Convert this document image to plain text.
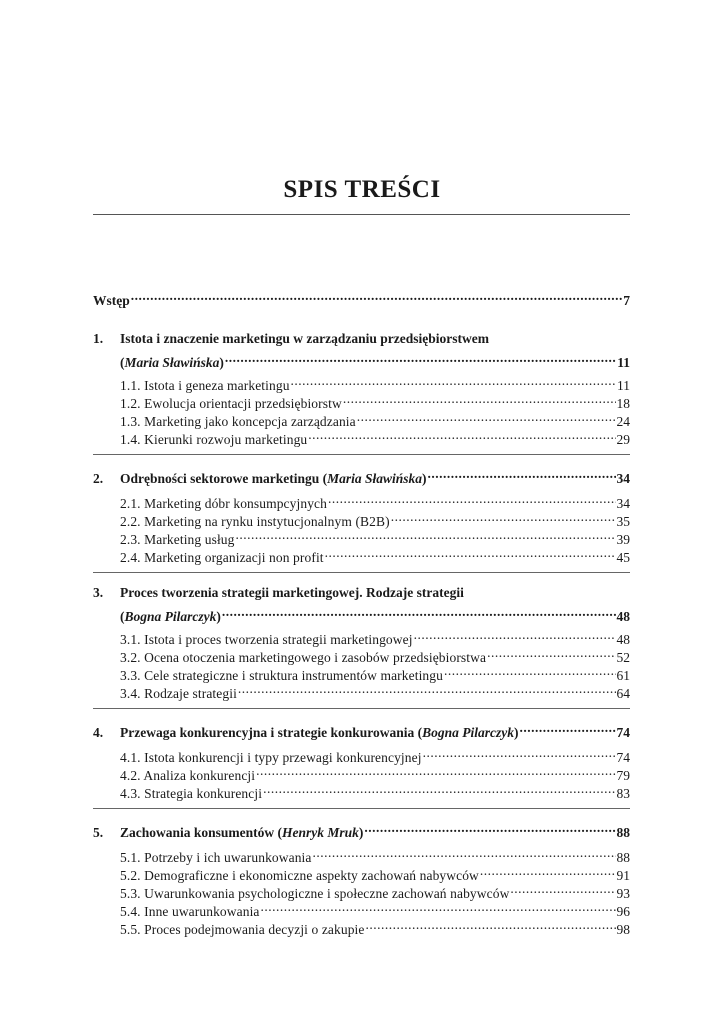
SPIS TREŚCI
Wstęp .....	7
1.	Istota i znaczenie marketingu w zarządzaniu przedsiębiorstwem
(Maria Sławińska) .....	11
1.1. Istota i geneza marketingu .....	11
1.2. Ewolucja orientacji przedsiębiorstw .....	18
1.3. Marketing jako koncepcja zarządzania .....	24
1.4. Kierunki rozwoju marketingu .....	29
2.	Odrębności sektorowe marketingu (Maria Sławińska) .....	34
2.1. Marketing dóbr konsumpcyjnych .....	34
2.2. Marketing na rynku instytucjonalnym (B2B) .....	35
2.3. Marketing usług .....	39
2.4. Marketing organizacji non profit .....	45
3.	Proces tworzenia strategii marketingowej. Rodzaje strategii
(Bogna Pilarczyk) .....	48
3.1. Istota i proces tworzenia strategii marketingowej .....	48
3.2. Ocena otoczenia marketingowego i zasobów przedsiębiorstwa .....	52
3.3. Cele strategiczne i struktura instrumentów marketingu .....	61
3.4. Rodzaje strategii .....	64
4.	Przewaga konkurencyjna i strategie konkurowania (Bogna Pilarczyk) .....	74
4.1. Istota konkurencji i typy przewagi konkurencyjnej .....	74
4.2. Analiza konkurencji .....	79
4.3. Strategia konkurencji .....	83
5.	Zachowania konsumentów (Henryk Mruk) .....	88
5.1. Potrzeby i ich uwarunkowania .....	88
5.2. Demograficzne i ekonomiczne aspekty zachowań nabywców .....	91
5.3. Uwarunkowania psychologiczne i społeczne zachowań nabywców .....	93
5.4. Inne uwarunkowania .....	96
5.5. Proces podejmowania decyzji o zakupie .....	98
